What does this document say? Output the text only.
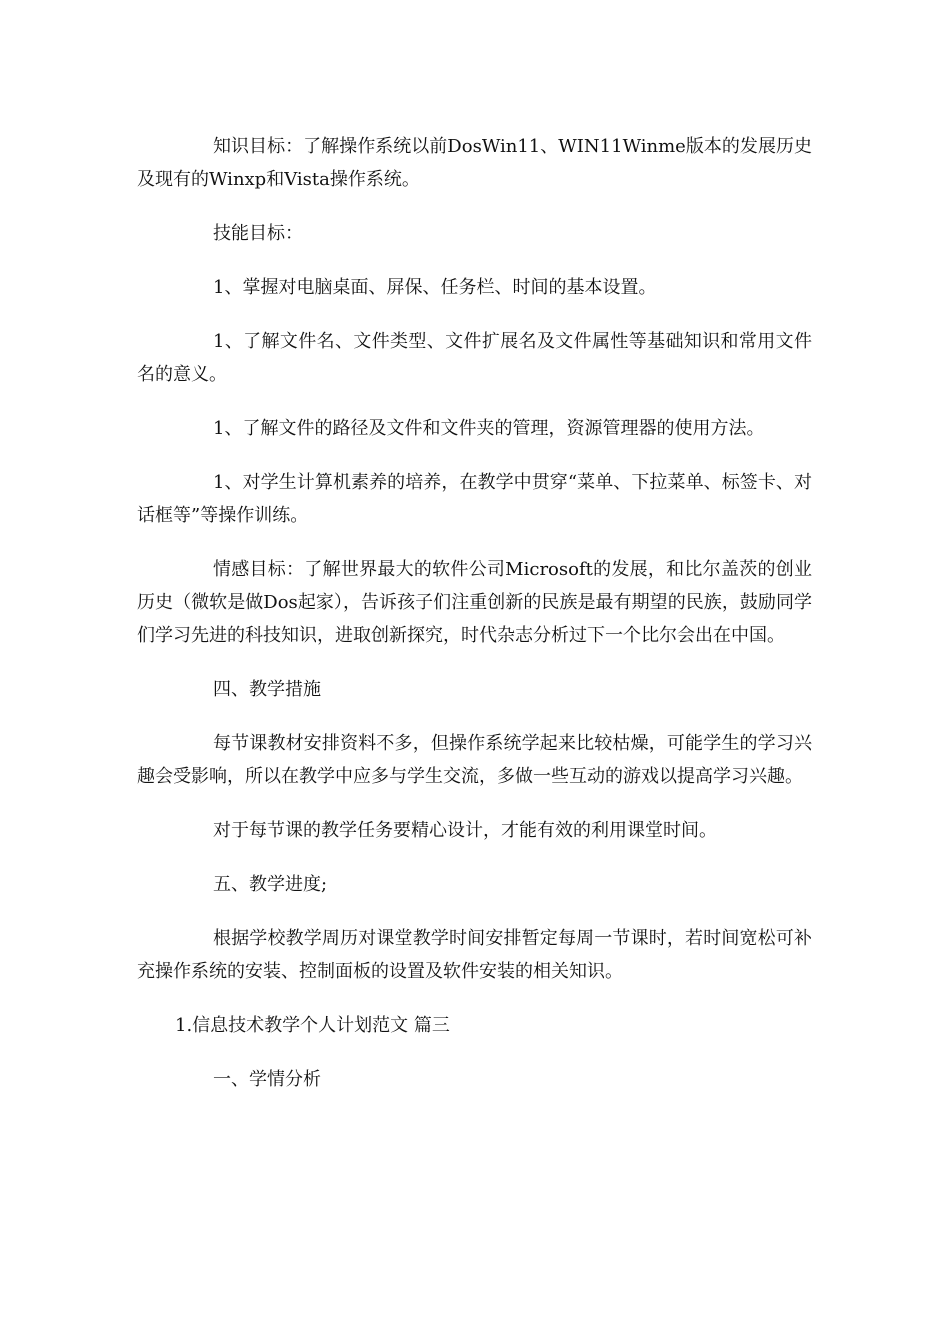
知识目标：了解操作系统以前DosWin11、WIN11Winme版本的发展历史及现有的Winxp和Vista操作系统。

技能目标：

1、掌握对电脑桌面、屏保、任务栏、时间的基本设置。

1、了解文件名、文件类型、文件扩展名及文件属性等基础知识和常用文件名的意义。

1、了解文件的路径及文件和文件夹的管理，资源管理器的使用方法。

1、对学生计算机素养的培养，在教学中贯穿“菜单、下拉菜单、标签卡、对话框等”等操作训练。

情感目标：了解世界最大的软件公司Microsoft的发展，和比尔盖茨的创业历史（微软是做Dos起家），告诉孩子们注重创新的民族是最有期望的民族，鼓励同学们学习先进的科技知识，进取创新探究，时代杂志分析过下一个比尔会出在中国。

四、教学措施

每节课教材安排资料不多，但操作系统学起来比较枯燥，可能学生的学习兴趣会受影响，所以在教学中应多与学生交流，多做一些互动的游戏以提高学习兴趣。

对于每节课的教学任务要精心设计，才能有效的利用课堂时间。

五、教学进度;

根据学校教学周历对课堂教学时间安排暂定每周一节课时，若时间宽松可补充操作系统的安装、控制面板的设置及软件安装的相关知识。

1.信息技术教学个人计划范文 篇三

一、学情分析
